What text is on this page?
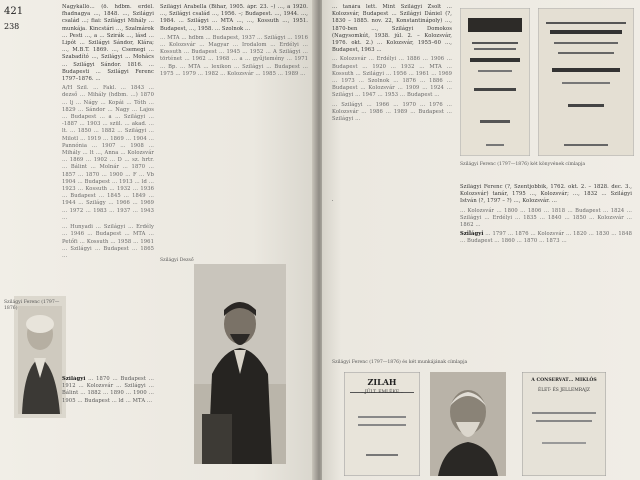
421
238

Nagykálló… (ö. hdbm. erdél. fhadnagya …, 1848. …, Szilágyi család …; fiai: Szilágyi Mihály … munkája. Kincstári …, Szalmárok … Pesti …, a … Szirák …, lásd … Lipót … Szilágyi Sándor, Klára; …, M.B.T. 1869. …, Csemegi … Szabadító …, Szilágyi … Mohács … Szilágyi Sándor. 1816. … Budapesti … Szilágyi Ferenc 1797–1876. …

A/H Szil. … Fakl. … 1843 … dezső … Mihály (hdbm. …) 1870 … lj … Nágy … Kopái … Tóth … 1829 … Sándor … Nagy … Lajos … Budapest … a … Szilágyi … -1887 … 1903 … szül. … akad. … lt. … 1850 … 1882 … Szilágyi … Milotl … 1919 … 1869 … 1904 … Pannónia … 1907 … 1908 … Mihály … lt …, Anna … Kolozsvár … 1869 … 1902 … D … sz. hrtr. … Bálint … Molnár … 1870 … 1857 … 1870 … 1900 … F … Vb 1904 … Budapest … 1913 … ld … 1923 … Kossuth … 1932 … 1936 … Budapest … 1845 … 1849 … 1944 … Szilágy … 1966 … 1969 … 1972 … 1983 … 1937 … 1943 …

… Hunyadi … Szilágyi … Erdély … 1946 … Budapest … MTA … Petőfi … Kossuth … 1958 … 1961 … Szilágyi … Budapest … 1865 …

Szilágyi Arabella (Bihar, 1905. ápr. 23. –) …, a 1920. ..., Szilágyi család …, 1956. –; Budapest. …, 1944. …, 1984. … Szilágyi … MTA …, …, Kossuth …, 1951. Budapest, …, 1958. … Szolnok …

… MTA … hdbm … Budapest, 1937 … Szilágyi … 1916 … Kolozsvár … Magyar … Irodalom … Erdélyi … Kossuth … Budapest … 1945 … 1952 … A Szilágyi … történet … 1962 … 1968 … a … gyűjtemény … 1971 … Bp. … MTA … lexikon … Szilágyi … Budapest … 1975 … 1979 … 1982 … Kolozsvár … 1985 … 1989 …

Szilágyi Ferenc (1797—1876)

Szilágyi … 1870 … Budapest … 1912 … Kolozsvár … Szilágyi … Bálint … 1882 … 1890 … 1900 … 1905 … Budapest … ld … MTA …

Szilágyi Dezső

… tanára lett. Mint Szilágyi Zsolt … Kolozsvár, Budapest … Szilágyi Dániel (?, 1830 – 1885. nov. 22, Konstantinápoly) …, 1870-ben …, Szilágyi Domokos (Nagysomkút, 1938. júl. 2. – Kolozsvár, 1976. okt. 2.) … Kolozsvár, 1955–60 …, Budapest, 1963 …

… Kolozsvár … Erdélyi … 1886 … 1906 … Budapest … 1920 … 1932 … MTA … Kossuth … Szilágyi … 1956 … 1961 … 1969 … 1973 … Szolnok … 1876 … 1886 … Budapest … Kolozsvár … 1909 … 1924 … Szilágyi … 1947 … 1953 … Budapest …

… Szilágyi … 1966 … 1970 … 1976 … Kolozsvár … 1986 … 1989 … Budapest … Szilágyi …

Szilágyi Ferenc (1797—1876) két könyvének címlapja

Szilágyi Ferenc (?, Szentjobbik, 1762. okt. 2. – 1828. dec. 3., Kolozsvár) tanár, 1795 …, Kolozsvár; …, 1832 … Szilágyi István (?, 1797 – ?) …, Kolozsvár. …

… Kolozsvár … 1800 … 1806 … 1818 … Budapest … 1824 … Szilágyi … Erdélyi … 1835 … 1840 … 1850 … Kolozsvár … 1862 …

Szilágyi … 1797 … 1876 … Kolozsvár … 1820 … 1830 … 1848 … Budapest … 1860 … 1870 … 1873 …

Szilágyi Ferenc (1797—1876) és két munkájának címlapja
ZILAH
…JÜLT. EMLÉKE…
A CONSERVAT… MIKLÓS
ÉLET- ÉS JELLEMRAJZ
